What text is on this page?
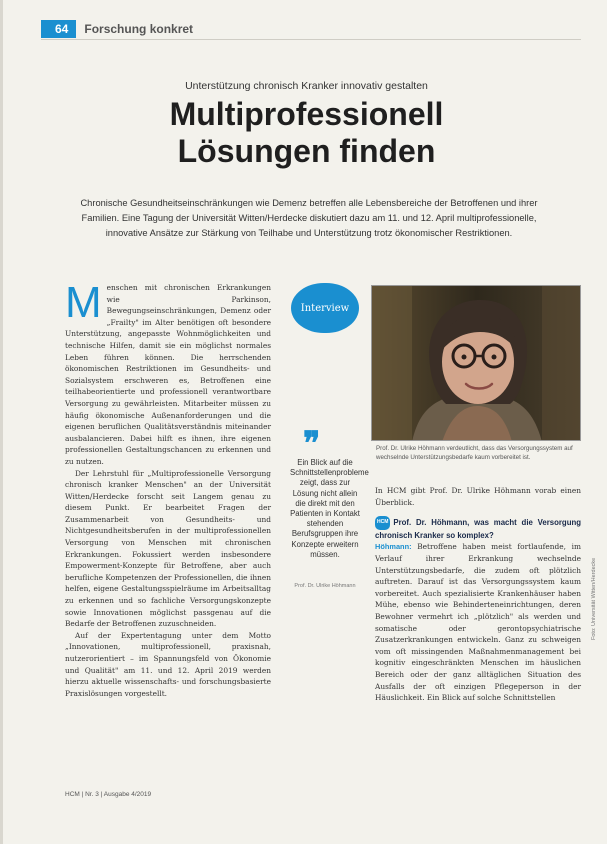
64	Forschung konkret
Unterstützung chronisch Kranker innovativ gestalten
Multiprofessionell
Lösungen finden
Chronische Gesundheitseinschränkungen wie Demenz betreffen alle Lebensbereiche der Betroffenen und ihrer Familien. Eine Tagung der Universität Witten/Herdecke diskutiert dazu am 11. und 12. April multiprofessionelle, innovative Ansätze zur Stärkung von Teilhabe und Unterstützung trotz ökonomischer Restriktionen.
M enschen mit chronischen Erkrankungen wie Parkinson, Bewegungseinschränkungen, Demenz oder „Frailty" im Alter benötigen oft besondere Unterstützung, angepasste Wohnmöglichkeiten und technische Hilfen, damit sie ein möglichst normales Leben führen können. Die herrschenden ökonomischen Restriktionen im Gesundheits- und Sozialsystem erschweren es, Betroffenen eine teilhabeorientierte und professionell verantwortbare Versorgung zu gewährleisten. Mitarbeiter müssen zu häufig ökonomische Außenanforderungen und die eigenen beruflichen Qualitätsverständnis miteinander ausbalancieren. Dabei hilft es ihnen, ihre eigenen professionellen Gestaltungschancen zu erkennen und zu nutzen.

Der Lehrstuhl für „Multiprofessionelle Versorgung chronisch kranker Menschen" an der Universität Witten/Herdecke forscht seit Langem genau zu diesem Punkt. Er bearbeitet Fragen der Zusammenarbeit von Gesundheits- und Nichtgesundheitsberufen in der multiprofessionellen Versorgung von Menschen mit chronischen Erkrankungen. Fokussiert werden insbesondere Empowerment-Konzepte für Betroffene, aber auch berufliche Kompetenzen der Professionellen, die ihnen helfen, eigene Gestaltungsspielräume im Arbeitsalltag zu erkennen und so fachliche Versorgungskonzepte sowie Innovationen möglichst passgenau auf die Bedarfe der Betroffenen zuzuschneiden.

Auf der Expertentagung unter dem Motto „Innovationen, multiprofessionell, praxisnah, nutzerorientiert – im Spannungsfeld von Ökonomie und Qualität" am 11. und 12. April 2019 werden hierzu aktuelle wissenschafts- und forschungsbasierte Praxislösungen vorgestellt.

Interview
❞
Ein Blick auf die Schnittstellenprobleme zeigt, dass zur Lösung nicht allein die direkt mit den Patienten in Kontakt stehenden Berufsgruppen ihre Konzepte erweitern müssen.
Prof. Dr. Ulrike Höhmann
Prof. Dr. Ulrike Höhmann verdeutlicht, dass das Versorgungssystem auf wechselnde Unterstützungsbedarfe kaum vorbereitet ist.

In HCM gibt Prof. Dr. Ulrike Höhmann vorab einen Überblick.

HCM Prof. Dr. Höhmann, was macht die Versorgung chronisch Kranker so komplex?

Höhmann: Betroffene haben meist fortlaufende, im Verlauf ihrer Erkrankung wechselnde Unterstützungsbedarfe, die zudem oft plötzlich auftreten. Darauf ist das Versorgungssystem kaum vorbereitet. Auch spezialisierte Krankenhäuser haben Mühe, ebenso wie Behinderteneinrichtungen, deren Bewohner vermehrt ich „plötzlich" als werden und somatische oder gerontopsychiatrische Zusatzerkrankungen entwickeln. Ganz zu schweigen vom oft missingenden Maßnahmenmanagement bei kognitiv eingeschränkten Menschen im häuslichen Bereich oder der ganz alltäglichen Situation des Ausfalls der oft einzigen Pflegeperson in der Häuslichkeit. Ein Blick auf solche Schnittstellen

HCM | Nr. 3 | Ausgabe 4/2019
Foto: Universität Witten/Herdecke
